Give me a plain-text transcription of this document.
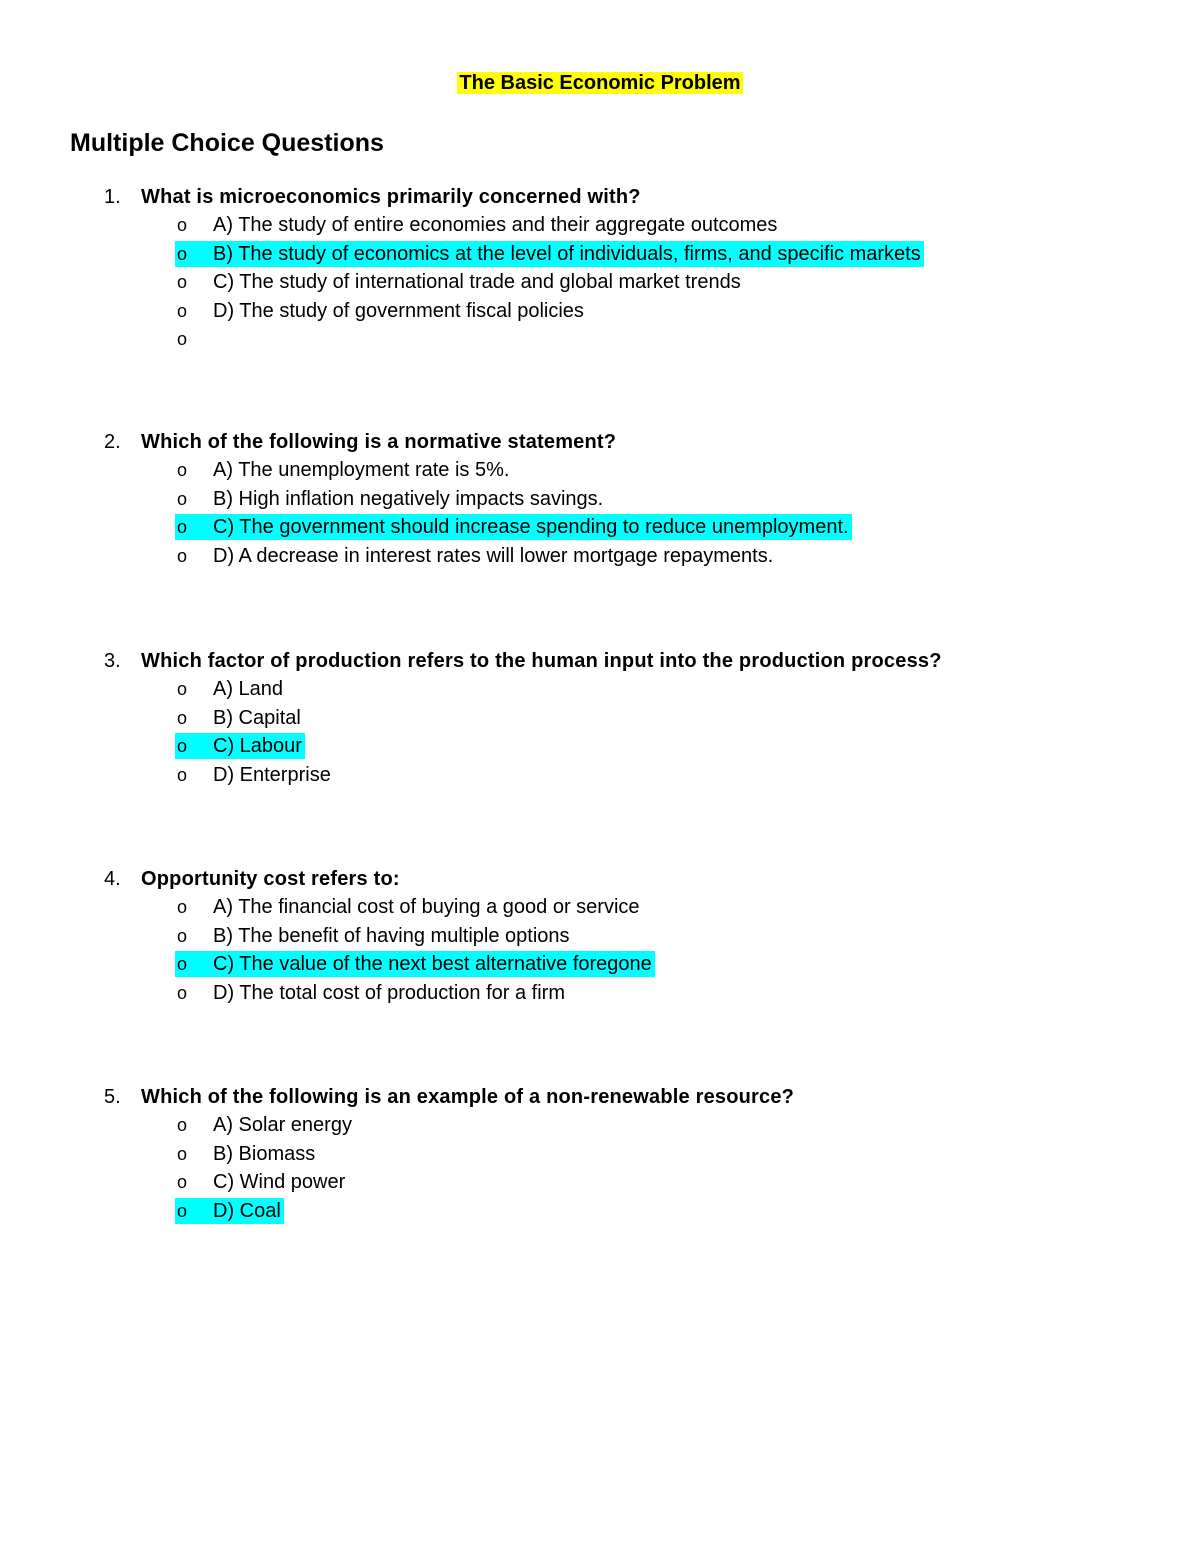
The Basic Economic Problem
Multiple Choice Questions
1. What is microeconomics primarily concerned with?
o A) The study of entire economies and their aggregate outcomes
o B) The study of economics at the level of individuals, firms, and specific markets
o C) The study of international trade and global market trends
o D) The study of government fiscal policies
o
2. Which of the following is a normative statement?
o A) The unemployment rate is 5%.
o B) High inflation negatively impacts savings.
o C) The government should increase spending to reduce unemployment.
o D) A decrease in interest rates will lower mortgage repayments.
3. Which factor of production refers to the human input into the production process?
o A) Land
o B) Capital
o C) Labour
o D) Enterprise
4. Opportunity cost refers to:
o A) The financial cost of buying a good or service
o B) The benefit of having multiple options
o C) The value of the next best alternative foregone
o D) The total cost of production for a firm
5. Which of the following is an example of a non-renewable resource?
o A) Solar energy
o B) Biomass
o C) Wind power
o D) Coal
